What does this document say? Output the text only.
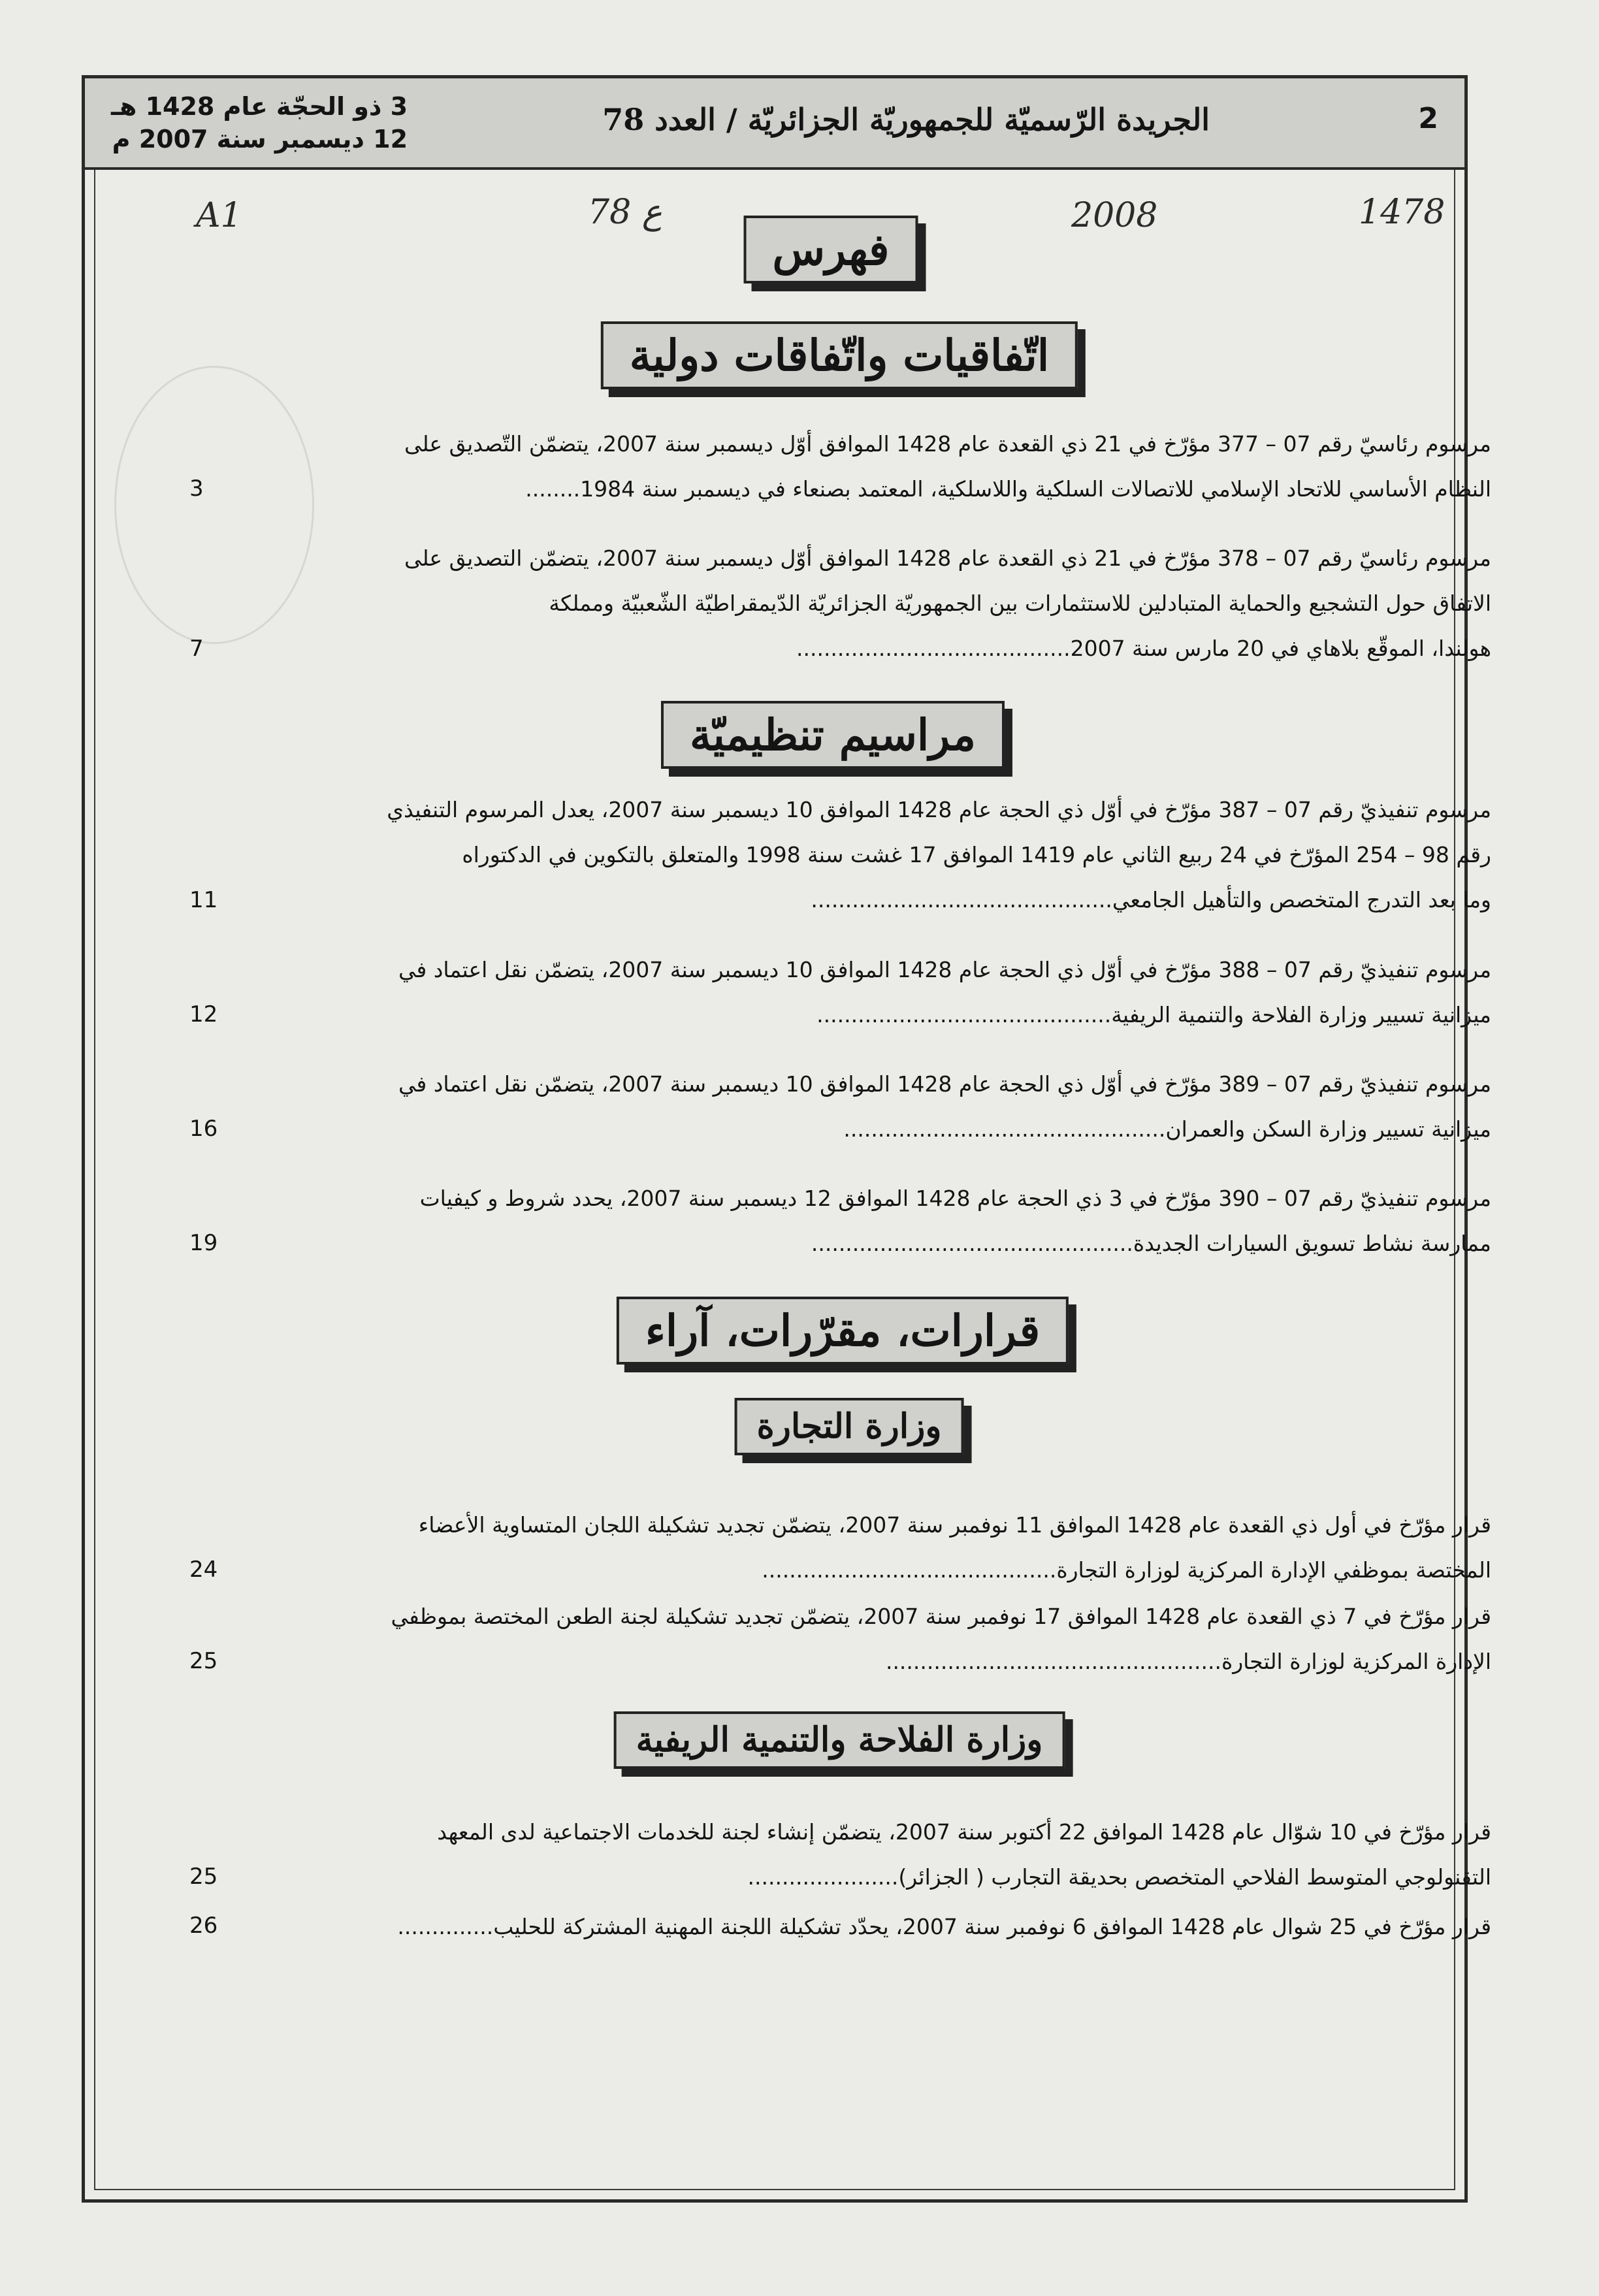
2
الجريدة الرّسميّة للجمهوريّة الجزائريّة / العدد 78
3 ذو الحجّة عام 1428 هـ
12 ديسمبر سنة 2007 م
1478
2008
ع 78
A1
فهرس
اتّفاقيات واتّفاقات دولية
مرسوم رئاسيّ رقم 07 – 377 مؤرّخ في 21 ذي القعدة عام 1428 الموافق أوّل ديسمبر سنة 2007، يتضمّن التّصديق على
النظام الأساسي للاتحاد الإسلامي للاتصالات السلكية واللاسلكية، المعتمد بصنعاء في ديسمبر سنة 1984........
3
مرسوم رئاسيّ رقم 07 – 378 مؤرّخ في 21 ذي القعدة عام 1428 الموافق أوّل ديسمبر سنة 2007، يتضمّن التصديق على
الاتفاق حول التشجيع والحماية المتبادلين للاستثمارات بين الجمهوريّة الجزائريّة الدّيمقراطيّة الشّعبيّة ومملكة
هولندا، الموقّع بلاهاي في 20 مارس سنة 2007........................................
7
مراسيم تنظيميّة
مرسوم تنفيذيّ رقم 07 – 387 مؤرّخ في أوّل ذي الحجة عام 1428 الموافق 10 ديسمبر سنة 2007، يعدل المرسوم التنفيذي
رقم 98 – 254 المؤرّخ في 24 ربيع الثاني عام 1419 الموافق 17 غشت سنة 1998 والمتعلق بالتكوين في الدكتوراه
وما بعد التدرج المتخصص والتأهيل الجامعي............................................
11
مرسوم تنفيذيّ رقم 07 – 388 مؤرّخ في أوّل ذي الحجة عام 1428 الموافق 10 ديسمبر سنة 2007، يتضمّن نقل اعتماد في
ميزانية تسيير وزارة الفلاحة والتنمية الريفية...........................................
12
مرسوم تنفيذيّ رقم 07 – 389 مؤرّخ في أوّل ذي الحجة عام 1428 الموافق 10 ديسمبر سنة 2007، يتضمّن نقل اعتماد في
ميزانية تسيير وزارة السكن والعمران...............................................
16
مرسوم تنفيذيّ رقم 07 – 390 مؤرّخ في 3 ذي الحجة عام 1428 الموافق 12 ديسمبر سنة 2007، يحدد شروط و كيفيات
ممارسة نشاط تسويق السيارات الجديدة...............................................
19
قرارات، مقرّرات، آراء
وزارة التجارة
قرار مؤرّخ في أول ذي القعدة عام 1428 الموافق 11 نوفمبر سنة 2007، يتضمّن تجديد تشكيلة اللجان المتساوية الأعضاء
المختصة بموظفي الإدارة المركزية لوزارة التجارة...........................................
24
قرار مؤرّخ في 7 ذي القعدة عام 1428 الموافق 17 نوفمبر سنة 2007، يتضمّن تجديد تشكيلة لجنة الطعن المختصة بموظفي
الإدارة المركزية لوزارة التجارة.................................................
25
وزارة الفلاحة والتنمية الريفية
قرار مؤرّخ في 10 شوّال عام 1428 الموافق 22 أكتوبر سنة 2007، يتضمّن إنشاء لجنة للخدمات الاجتماعية لدى المعهد
التقنولوجي المتوسط الفلاحي المتخصص بحديقة التجارب ( الجزائر)......................
25
قرار مؤرّخ في 25 شوال عام 1428 الموافق 6 نوفمبر سنة 2007، يحدّد تشكيلة اللجنة المهنية المشتركة للحليب..............
26
